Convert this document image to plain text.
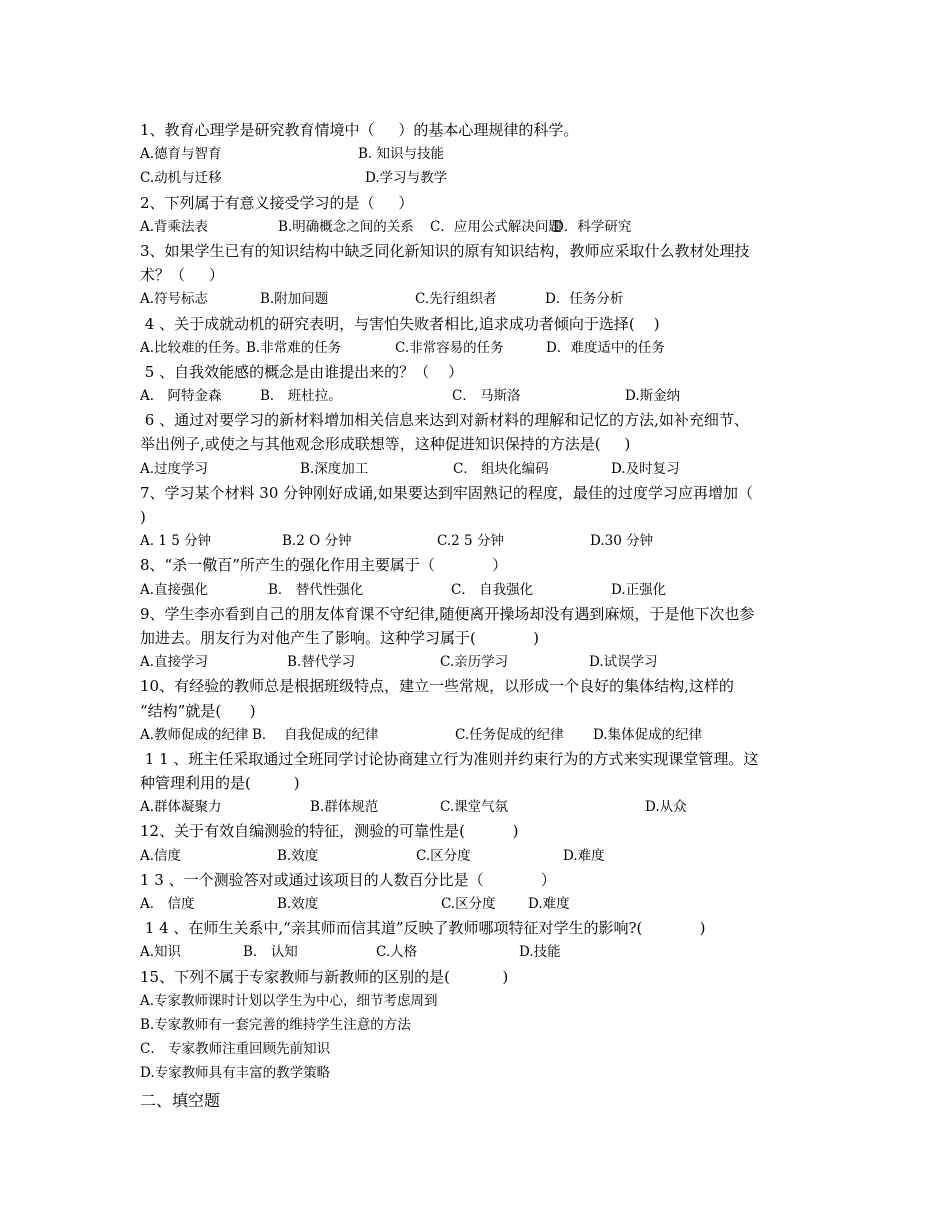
1、教育心理学是研究教育情境中（     ）的基本心理规律的科学。
A.德育与智育	B. 知识与技能
C.动机与迁移	D.学习与教学
2、下列属于有意义接受学习的是（     ）
A.背乘法表	B.明确概念之间的关系 C．应用公式解决问题
D．科学研究
3、如果学生已有的知识结构中缺乏同化新知识的原有知识结构，教师应采取什么教材处理技
术？（     ）
A.符号标志	B.附加问题	C.先行组织者	D．任务分析
4 、关于成就动机的研究表明，与害怕失败者相比,追求成功者倾向于选择(    )
A.比较难的任务。
B.非常难的任务	C.非常容易的任务	D．难度适中的任务
5 、自我效能感的概念是由谁提出来的？（    ）
A． 阿特金森	B． 班杜拉。	C． 马斯洛	D.斯金纳
6 、通过对要学习的新材料增加相关信息来达到对新材料的理解和记忆的方法,如补充细节、
举出例子,或使之与其他观念形成联想等，这种促进知识保持的方法是(     )
A.过度学习	B.深度加工	C． 组块化编码	D.及时复习
7、学习某个材料 30 分钟刚好成诵,如果要达到牢固熟记的程度，最佳的过度学习应再增加（
)
A. 1 5 分钟	B.2 O 分钟	C.2 5 分钟	D.30 分钟
8、“杀一儆百”所产生的强化作用主要属于（            ）
A.直接强化	B． 替代性强化	C． 自我强化	D.正强化
9、学生李亦看到自己的朋友体育课不守纪律,随便离开操场却没有遇到麻烦，于是他下次也参
加进去。朋友行为对他产生了影响。这种学习属于(            )
A.直接学习	B.替代学习	C.亲历学习	D.试误学习
10、有经验的教师总是根据班级特点，建立一些常规，以形成一个良好的集体结构,这样的
“结构”就是(      )
A.教师促成的纪律 B．  自我促成的纪律	C.任务促成的纪律 D.集体促成的纪律
1 1 、班主任采取通过全班同学讨论协商建立行为准则并约束行为的方式来实现课堂管理。这
种管理利用的是(         )
A.群体凝聚力	B.群体规范	C.课堂气氛	D.从众
12、关于有效自编测验的特征，测验的可靠性是(          )
A.信度	B.效度	C.区分度	D.难度
1 3 、一个测验答对或通过该项目的人数百分比是（            ）
A． 信度	B.效度	C.区分度 D.难度
1 4 、在师生关系中,“亲其师而信其道”反映了教师哪项特征对学生的影响?(            )
A.知识	B． 认知	C.人格	D.技能
15、下列不属于专家教师与新教师的区别的是(           )
A.专家教师课时计划以学生为中心，细节考虑周到
B.专家教师有一套完善的维持学生注意的方法
C． 专家教师注重回顾先前知识
D.专家教师具有丰富的教学策略
二、填空题
